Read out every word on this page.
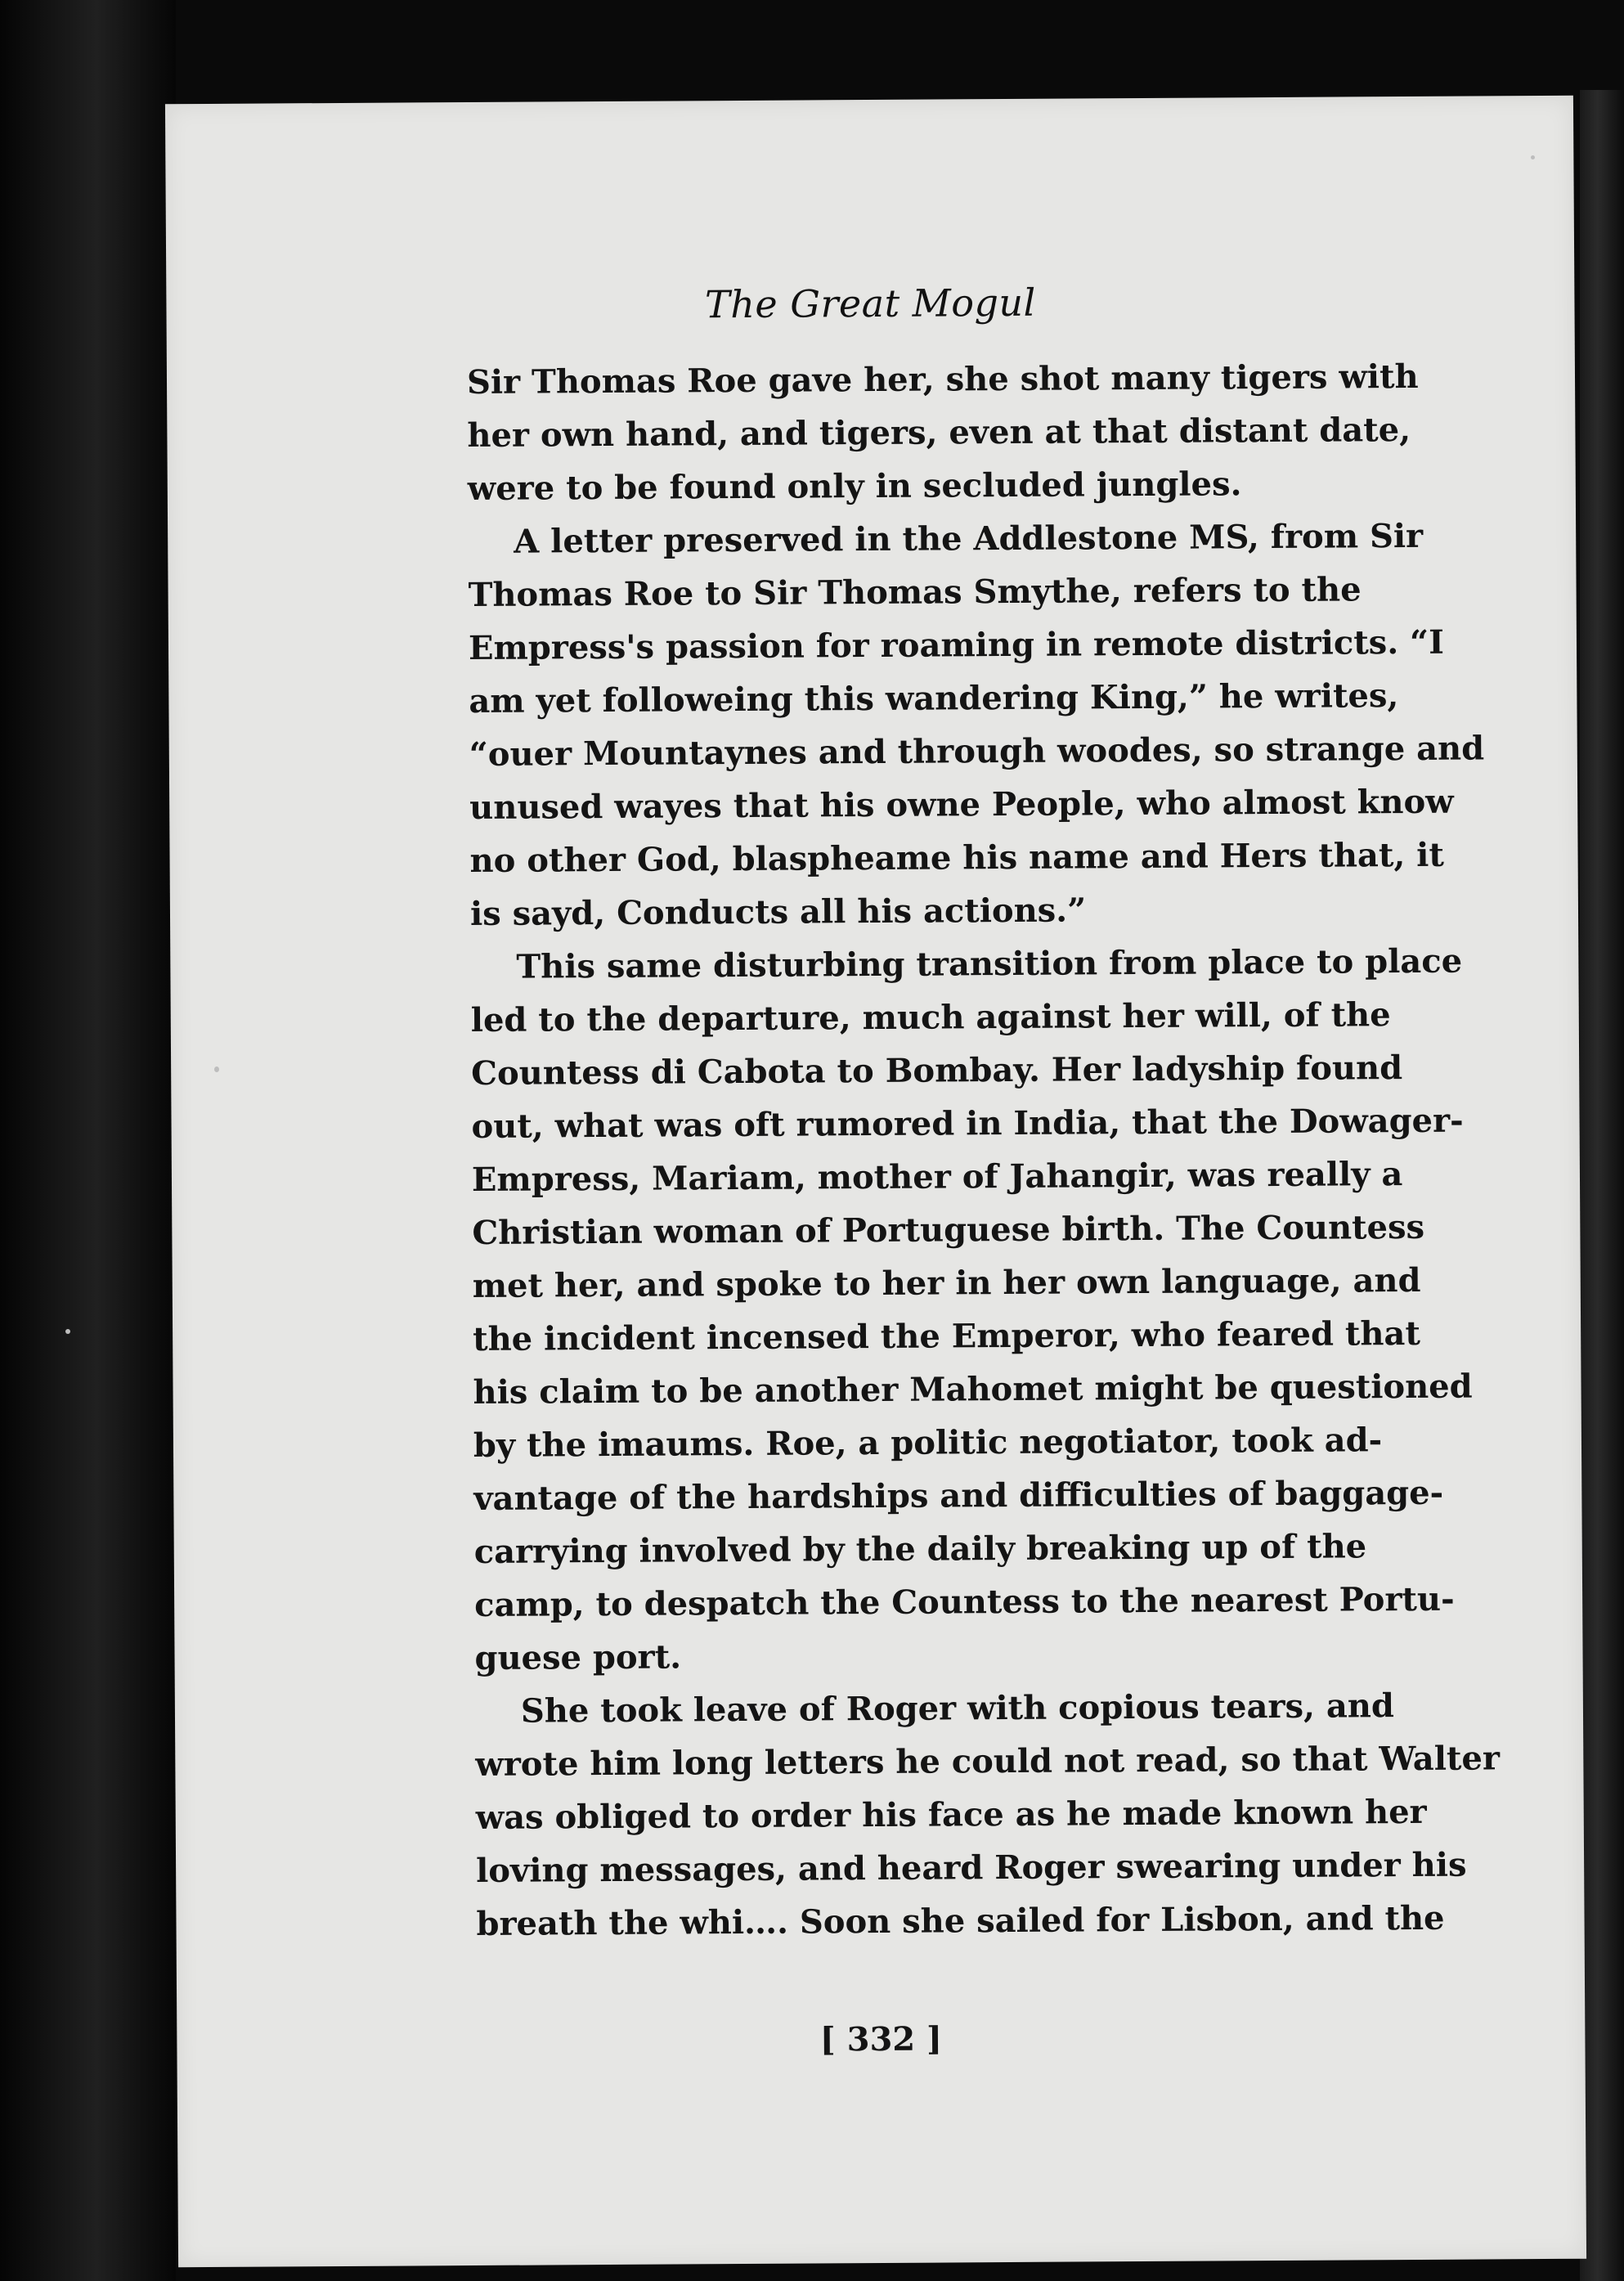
The Great Mogul
Sir Thomas Roe gave her, she shot many tigers with
her own hand, and tigers, even at that distant date,
were to be found only in secluded jungles.
A letter preserved in the Addlestone MS, from Sir
Thomas Roe to Sir Thomas Smythe, refers to the
Empress's passion for roaming in remote districts. “I
am yet followeing this wandering King,” he writes,
“ouer Mountaynes and through woodes, so strange and
unused wayes that his owne People, who almost know
no other God, blaspheame his name and Hers that, it
is sayd, Conducts all his actions.”
This same disturbing transition from place to place
led to the departure, much against her will, of the
Countess di Cabota to Bombay. Her ladyship found
out, what was oft rumored in India, that the Dowager-
Empress, Mariam, mother of Jahangir, was really a
Christian woman of Portuguese birth. The Countess
met her, and spoke to her in her own language, and
the incident incensed the Emperor, who feared that
his claim to be another Mahomet might be questioned
by the imaums. Roe, a politic negotiator, took ad-
vantage of the hardships and difficulties of baggage-
carrying involved by the daily breaking up of the
camp, to despatch the Countess to the nearest Portu-
guese port.
She took leave of Roger with copious tears, and
wrote him long letters he could not read, so that Walter
was obliged to order his face as he made known her
loving messages, and heard Roger swearing under his
breath the whi…. Soon she sailed for Lisbon, and the
[ 332 ]
